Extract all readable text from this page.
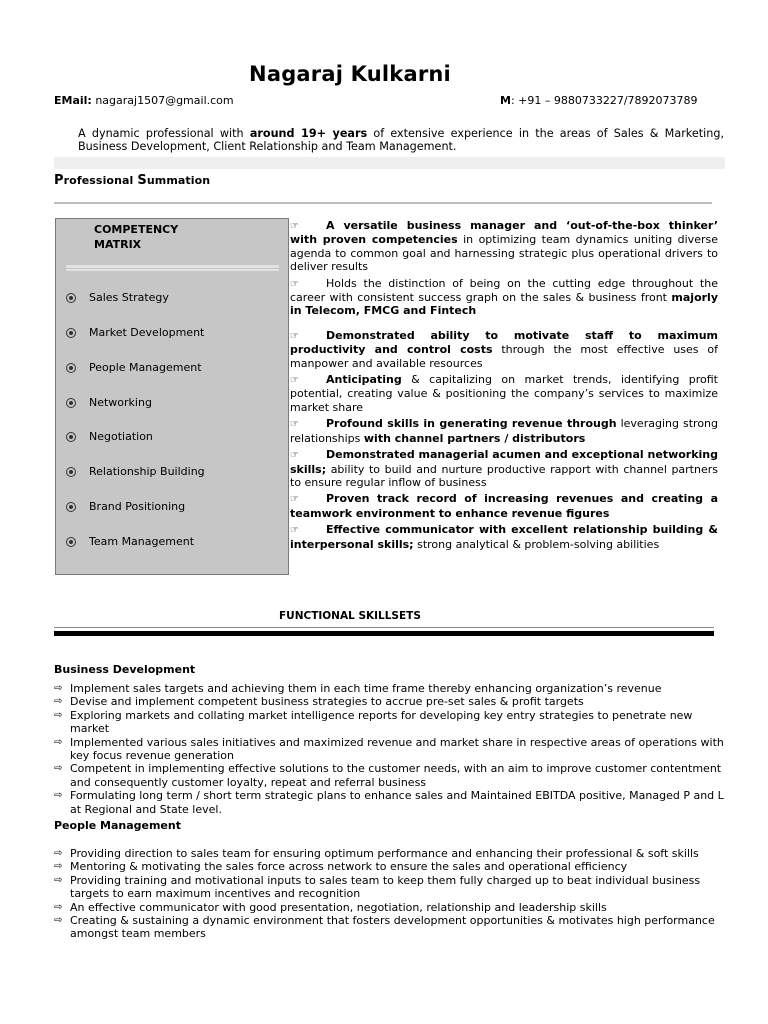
Nagaraj Kulkarni
EMail: nagaraj1507@gmail.com	M: +91 – 9880733227/7892073789
A dynamic professional with around 19+ years of extensive experience in the areas of Sales & Marketing, Business Development, Client Relationship and Team Management.
Professional Summation
COMPETENCY
MATRIX
Sales Strategy
Market Development
People Management
Networking
Negotiation
Relationship Building
Brand Positioning
Team Management
☞ A versatile business manager and ‘out-of-the-box thinker’ with proven competencies in optimizing team dynamics uniting diverse agenda to common goal and harnessing strategic plus operational drivers to deliver results
☞ Holds the distinction of being on the cutting edge throughout the career with consistent success graph on the sales & business front majorly in Telecom, FMCG and Fintech
☞ Demonstrated ability to motivate staff to maximum productivity and control costs through the most effective uses of manpower and available resources
☞ Anticipating & capitalizing on market trends, identifying profit potential, creating value & positioning the company’s services to maximize market share
☞ Profound skills in generating revenue through leveraging strong relationships with channel partners / distributors
☞ Demonstrated managerial acumen and exceptional networking skills; ability to build and nurture productive rapport with channel partners to ensure regular inflow of business
☞ Proven track record of increasing revenues and creating a teamwork environment to enhance revenue figures
☞ Effective communicator with excellent relationship building & interpersonal skills; strong analytical & problem-solving abilities
FUNCTIONAL SKILLSETS
Business Development
⇨ Implement sales targets and achieving them in each time frame thereby enhancing organization’s revenue
⇨ Devise and implement competent business strategies to accrue pre-set sales & profit targets
⇨ Exploring markets and collating market intelligence reports for developing key entry strategies to penetrate new market
⇨ Implemented various sales initiatives and maximized revenue and market share in respective areas of operations with key focus revenue generation
⇨ Competent in implementing effective solutions to the customer needs, with an aim to improve customer contentment and consequently customer loyalty, repeat and referral business
⇨ Formulating long term / short term strategic plans to enhance sales and Maintained EBITDA positive, Managed P and L at Regional and State level.
People Management
⇨ Providing direction to sales team for ensuring optimum performance and enhancing their professional & soft skills
⇨ Mentoring & motivating the sales force across network to ensure the sales and operational efficiency
⇨ Providing training and motivational inputs to sales team to keep them fully charged up to beat individual business targets to earn maximum incentives and recognition
⇨ An effective communicator with good presentation, negotiation, relationship and leadership skills
⇨ Creating & sustaining a dynamic environment that fosters development opportunities & motivates high performance amongst team members
